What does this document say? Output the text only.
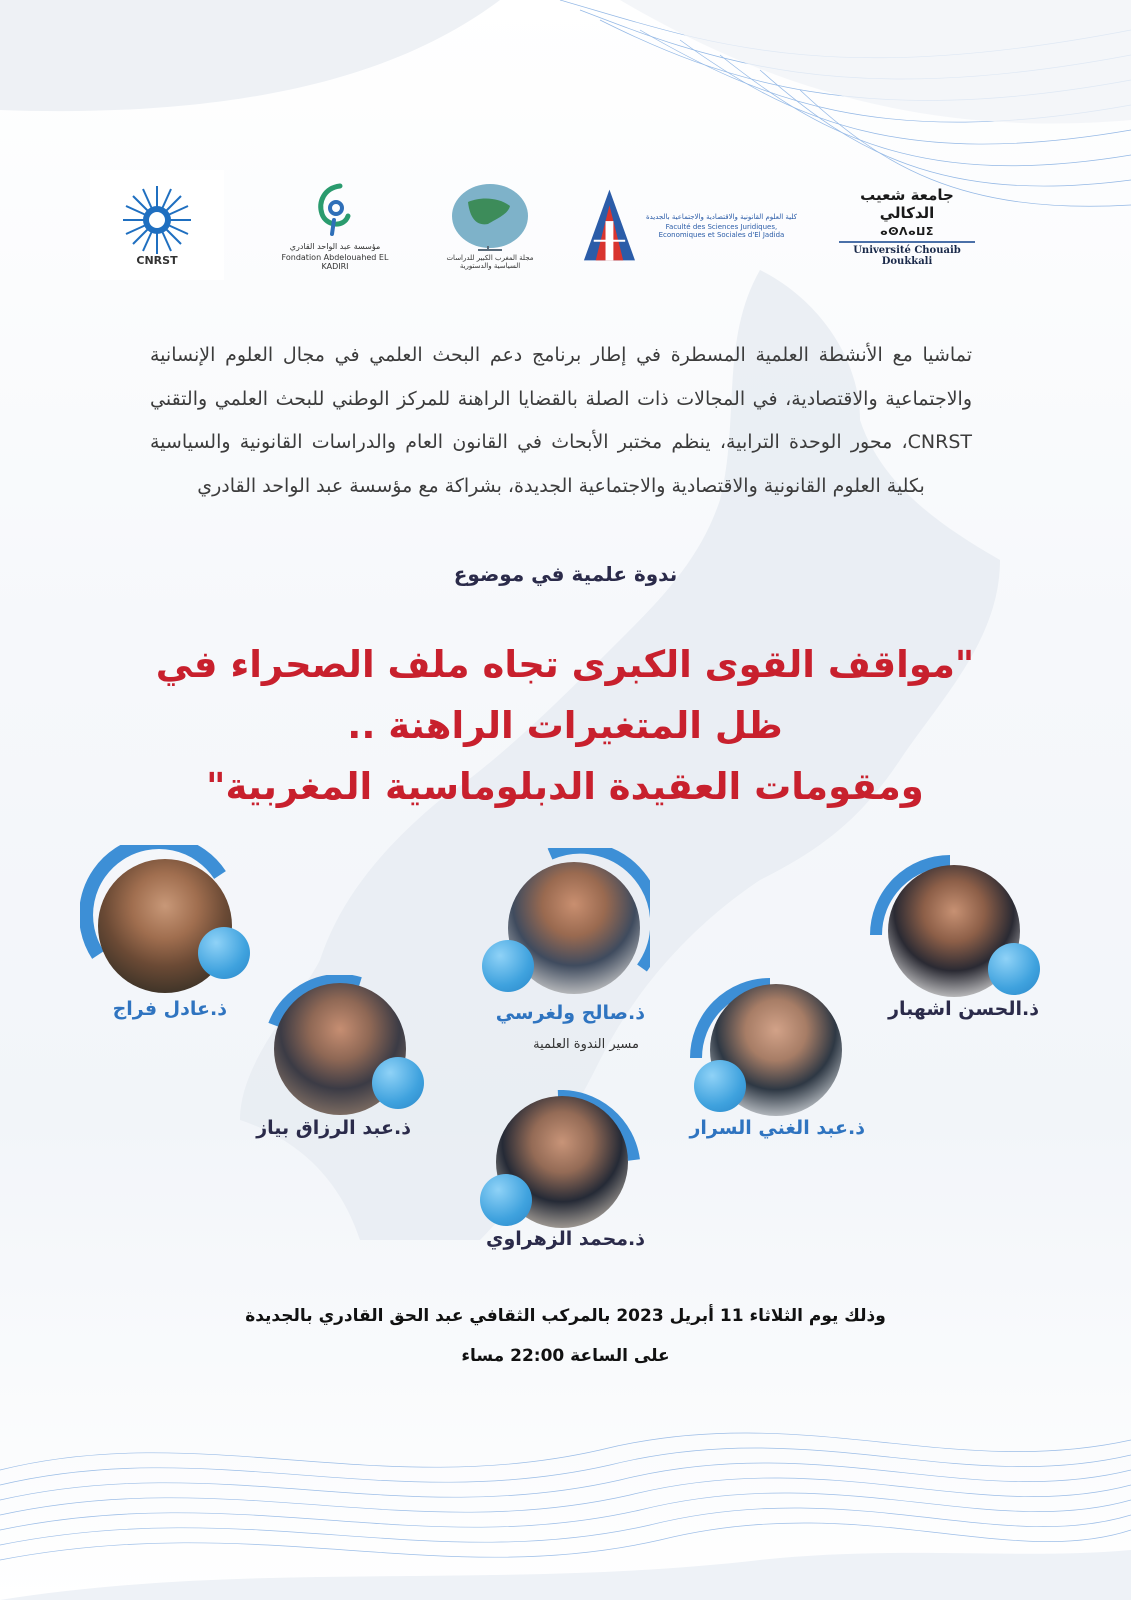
CNRST
مؤسسة عبد الواحد القادري
Fondation Abdelouahed EL KADIRI
مجلة المغرب الكبير للدراسات السياسية والدستورية
كلية العلوم القانونية والاقتصادية والاجتماعية بالجديدة
Faculté des Sciences Juridiques, Economiques et Sociales d'El Jadida
جامعة شعيب الدكالي
ⴰⵙⴷⴰⵡⵉ
Université Chouaib Doukkali

تماشيا مع الأنشطة العلمية المسطرة في إطار برنامج دعم البحث العلمي في مجال العلوم الإنسانية والاجتماعية والاقتصادية، في المجالات ذات الصلة بالقضايا الراهنة للمركز الوطني للبحث العلمي والتقني CNRST، محور الوحدة الترابية، ينظم مختبر الأبحاث في القانون العام والدراسات القانونية والسياسية بكلية العلوم القانونية والاقتصادية والاجتماعية الجديدة، بشراكة مع مؤسسة عبد الواحد القادري

ندوة علمية في موضوع

"مواقف القوى الكبرى تجاه ملف الصحراء في
ظل المتغيرات الراهنة ..
ومقومات العقيدة الدبلوماسية المغربية"
ذ.عادل فراج	ذ.صالح ولغرسي
مسير الندوة العلمية
ذ.الحسن اشهبار
ذ.عبد الرزاق بياز	ذ.عبد الغني السرار
ذ.محمد الزهراوي

وذلك يوم الثلاثاء 11 أبريل 2023 بالمركب الثقافي عبد الحق القادري بالجديدة

على الساعة 22:00 مساء
